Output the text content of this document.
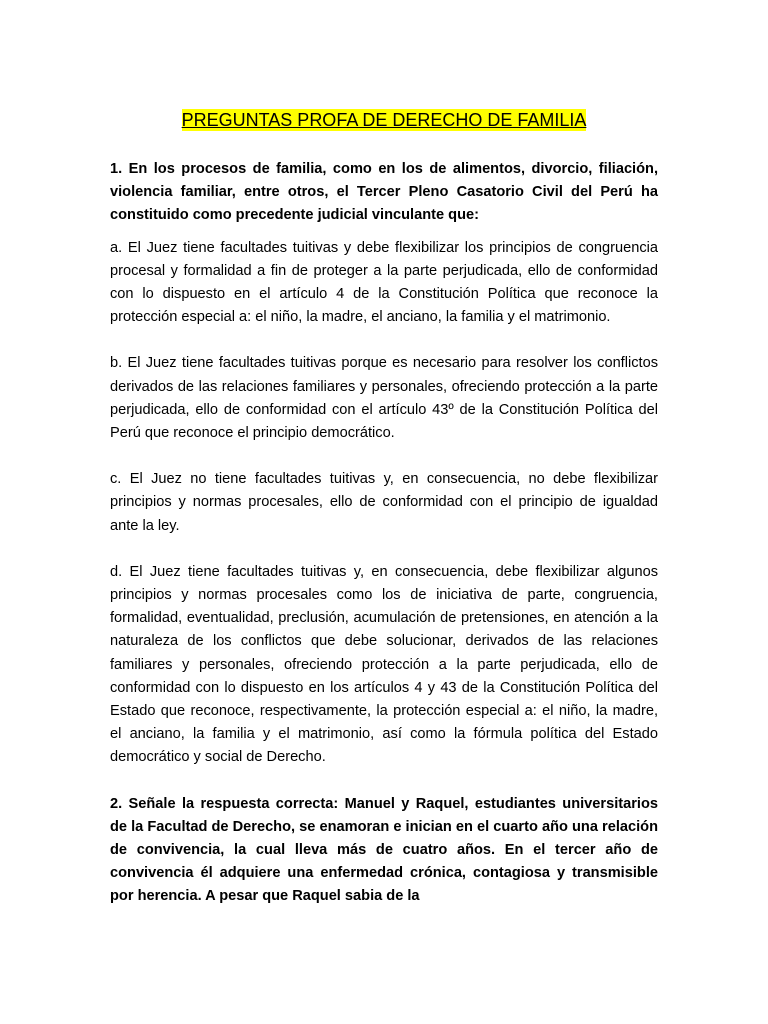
PREGUNTAS PROFA DE DERECHO DE FAMILIA

1. En los procesos de familia, como en los de alimentos, divorcio, filiación, violencia familiar, entre otros, el Tercer Pleno Casatorio Civil del Perú ha constituido como precedente judicial vinculante que:

a. El Juez tiene facultades tuitivas y debe flexibilizar los principios de congruencia procesal y formalidad a fin de proteger a la parte perjudicada, ello de conformidad con lo dispuesto en el artículo 4 de la Constitución Política que reconoce la protección especial a: el niño, la madre, el anciano, la familia y el matrimonio.

b. El Juez tiene facultades tuitivas porque es necesario para resolver los conflictos derivados de las relaciones familiares y personales, ofreciendo protección a la parte perjudicada, ello de conformidad con el artículo 43º de la Constitución Política del Perú que reconoce el principio democrático.

c. El Juez no tiene facultades tuitivas y, en consecuencia, no debe flexibilizar principios y normas procesales, ello de conformidad con el principio de igualdad ante la ley.

d. El Juez tiene facultades tuitivas y, en consecuencia, debe flexibilizar algunos principios y normas procesales como los de iniciativa de parte, congruencia, formalidad, eventualidad, preclusión, acumulación de pretensiones, en atención a la naturaleza de los conflictos que debe solucionar, derivados de las relaciones familiares y personales, ofreciendo protección a la parte perjudicada, ello de conformidad con lo dispuesto en los artículos 4 y 43 de la Constitución Política del Estado que reconoce, respectivamente, la protección especial a: el niño, la madre, el anciano, la familia y el matrimonio, así como la fórmula política del Estado democrático y social de Derecho.

2. Señale la respuesta correcta: Manuel y Raquel, estudiantes universitarios de la Facultad de Derecho, se enamoran e inician en el cuarto año una relación de convivencia, la cual lleva más de cuatro años. En el tercer año de convivencia él adquiere una enfermedad crónica, contagiosa y transmisible por herencia. A pesar que Raquel sabia de la
